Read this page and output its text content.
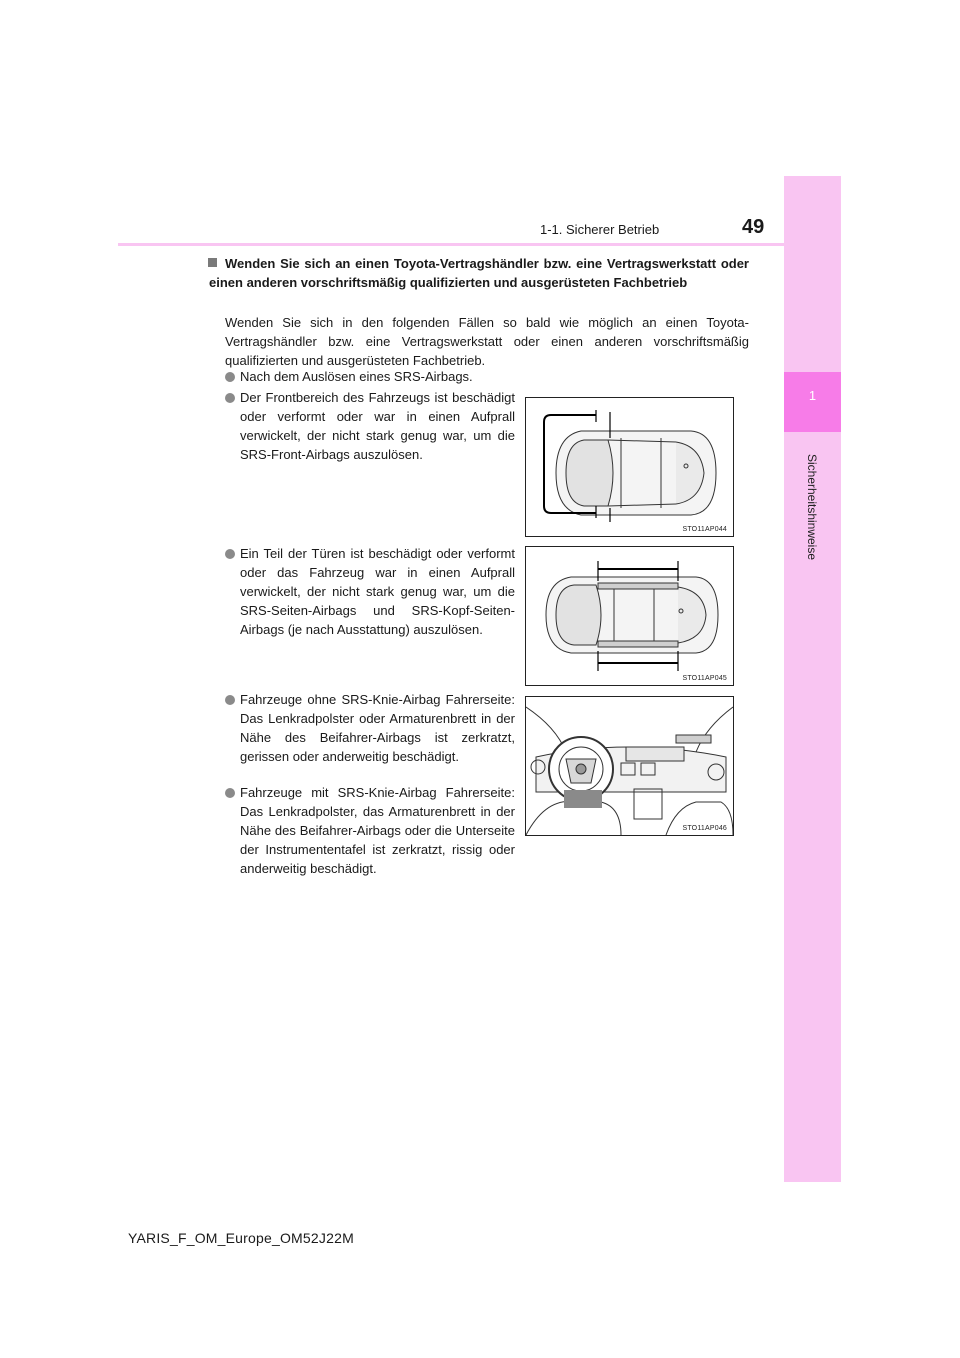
1
Sicherheitshinweise
1-1. Sicherer Betrieb	49
Wenden Sie sich an einen Toyota-Vertragshändler bzw. eine Vertragswerkstatt oder einen anderen vorschriftsmäßig qualifizierten und ausgerüsteten Fachbetrieb
Wenden Sie sich in den folgenden Fällen so bald wie möglich an einen Toyota-Vertragshändler bzw. eine Vertragswerkstatt oder einen anderen vorschriftsmäßig qualifizierten und ausgerüsteten Fachbetrieb.
Nach dem Auslösen eines SRS-Airbags.
Der Frontbereich des Fahrzeugs ist beschädigt oder verformt oder war in einen Aufprall verwickelt, der nicht stark genug war, um die SRS-Front-Airbags auszulösen.
Ein Teil der Türen ist beschädigt oder verformt oder das Fahrzeug war in einen Aufprall verwickelt, der nicht stark genug war, um die SRS-Seiten-Airbags und SRS-Kopf-Seiten-Airbags (je nach Ausstattung) auszulösen.
Fahrzeuge ohne SRS-Knie-Airbag Fahrerseite: Das Lenkradpolster oder Armaturenbrett in der Nähe des Beifahrer-Airbags ist zerkratzt, gerissen oder anderweitig beschädigt.
Fahrzeuge mit SRS-Knie-Airbag Fahrerseite: Das Lenkradpolster, das Armaturenbrett in der Nähe des Beifahrer-Airbags oder die Unterseite der Instrumententafel ist zerkratzt, rissig oder anderweitig beschädigt.
STO11AP044
STO11AP045
STO11AP046
YARIS_F_OM_Europe_OM52J22M
